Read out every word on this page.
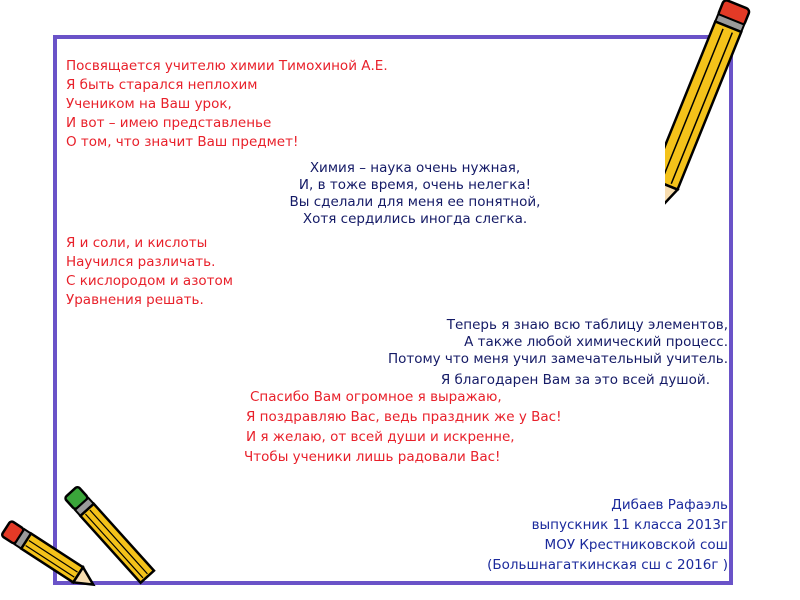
Посвящается учителю химии Тимохиной А.Е.
Я быть старался неплохим
Учеником на Ваш урок,
И вот – имею представленье
О том, что значит Ваш предмет!
Химия – наука очень нужная,
И, в тоже время, очень нелегка!
Вы сделали для меня ее понятной,
Хотя сердились иногда слегка.
Я и соли, и кислоты
Научился различать.
С кислородом и азотом
Уравнения решать.
Теперь я знаю всю таблицу элементов,
А также любой химический процесс.
Потому что меня учил замечательный учитель.
Я благодарен Вам за это всей душой.
Спасибо Вам огромное я выражаю,
Я поздравляю Вас, ведь праздник же у Вас!
И я желаю, от всей души и искренне,
Чтобы ученики лишь радовали Вас!
Дибаев Рафаэль
выпускник 11 класса 2013г
МОУ Крестниковской сош
(Большнагаткинская сш с 2016г )
